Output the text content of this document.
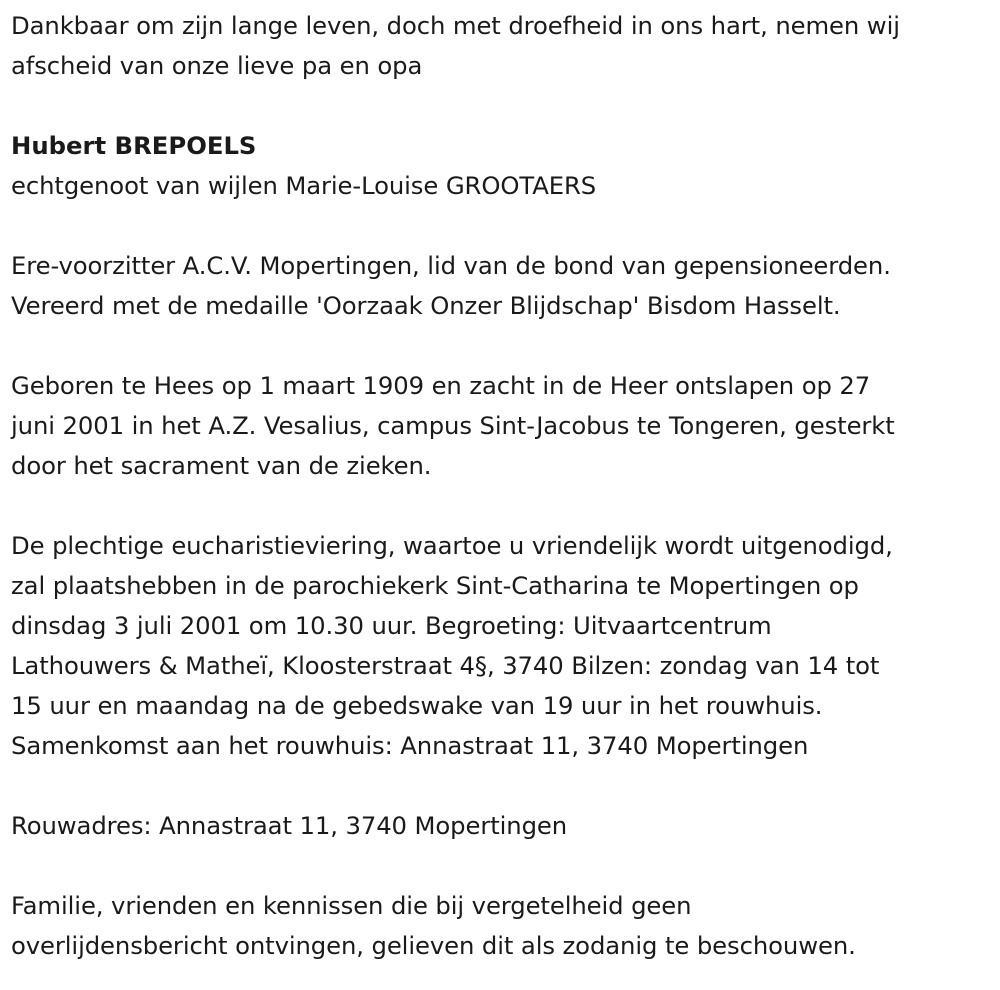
Dankbaar om zijn lange leven, doch met droefheid in ons hart, nemen wij

afscheid van onze lieve pa en opa

Hubert BREPOELS

echtgenoot van wijlen Marie-Louise GROOTAERS

Ere-voorzitter A.C.V. Mopertingen, lid van de bond van gepensioneerden.

Vereerd met de medaille 'Oorzaak Onzer Blijdschap' Bisdom Hasselt.

Geboren te Hees op 1 maart 1909 en zacht in de Heer ontslapen op 27

juni 2001 in het A.Z. Vesalius, campus Sint-Jacobus te Tongeren, gesterkt

door het sacrament van de zieken.

De plechtige eucharistieviering, waartoe u vriendelijk wordt uitgenodigd,

zal plaatshebben in de parochiekerk Sint-Catharina te Mopertingen op

dinsdag 3 juli 2001 om 10.30 uur. Begroeting: Uitvaartcentrum

Lathouwers & Matheï, Kloosterstraat 4§, 3740 Bilzen: zondag van 14 tot

15 uur en maandag na de gebedswake van 19 uur in het rouwhuis.

Samenkomst aan het rouwhuis: Annastraat 11, 3740 Mopertingen

Rouwadres: Annastraat 11, 3740 Mopertingen

Familie, vrienden en kennissen die bij vergetelheid geen

overlijdensbericht ontvingen, gelieven dit als zodanig te beschouwen.
